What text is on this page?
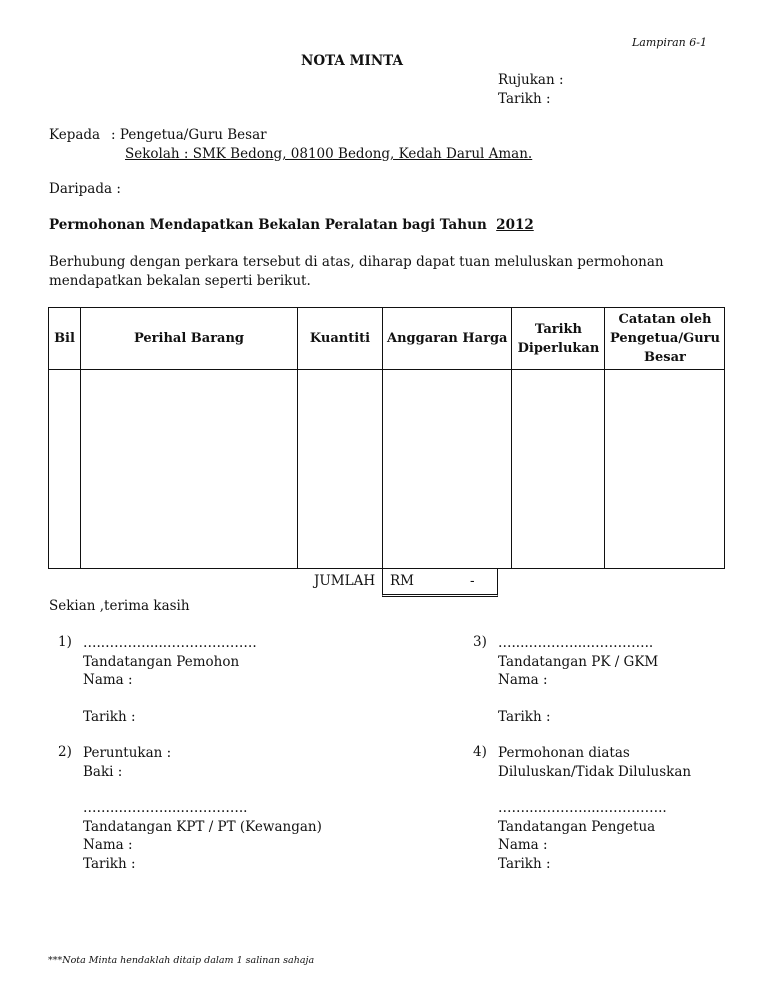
Lampiran 6-1
NOTA MINTA
Rujukan :
Tarikh :
Kepada : Pengetua/Guru Besar
Sekolah : SMK Bedong, 08100 Bedong, Kedah Darul Aman.
Daripada :
Permohonan Mendapatkan Bekalan Peralatan bagi Tahun 2012
Berhubung dengan perkara tersebut di atas, diharap dapat tuan meluluskan permohonan mendapatkan bekalan seperti berikut.
Bil	Perihal Barang	Kuantiti	Anggaran Harga	Tarikh Diperlukan	Catatan oleh Pengetua/Guru Besar

JUMLAH RM	-
Sekian ,terima kasih
1) …..……….....………….…….
Tandatangan Pemohon
Nama :
Tarikh :
3) …....….……....…………..
Tandatangan PK / GKM
Nama :
Tarikh :
2) Peruntukan :
Baki :
……...……….....…………..
Tandatangan KPT / PT (Kewangan)
Nama :
Tarikh :
4) Permohonan diatas
Diluluskan/Tidak Diluluskan
……....……….....…………..
Tandatangan Pengetua
Nama :
Tarikh :
***Nota Minta hendaklah ditaip dalam 1 salinan sahaja
